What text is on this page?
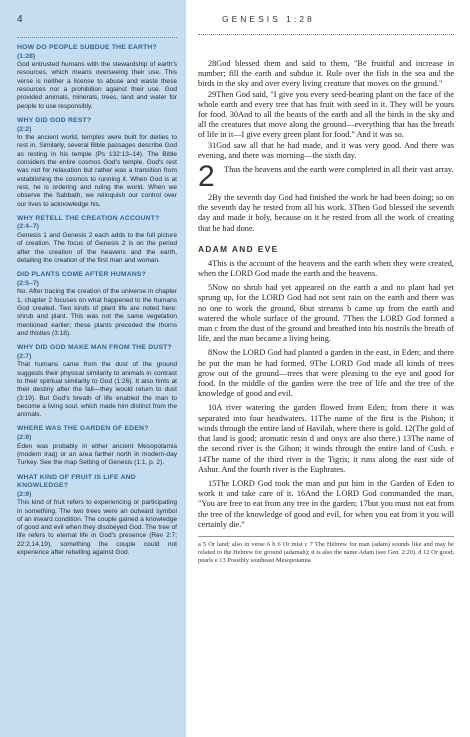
4
HOW DO PEOPLE SUBDUE THE EARTH?
(1:28)
God entrusted humans with the stewardship of earth's resources, which means overseeing their use. This verse is neither a license to abuse and waste these resources nor a prohibition against their use. God provided animals, minerals, trees, land and water for people to use responsibly.
WHY DID GOD REST?
(2:2)
In the ancient world, temples were built for deities to rest in. Similarly, several Bible passages describe God as resting in his temple (Ps 132:13–14). The Bible considers the entire cosmos God's temple. God's rest was not for relaxation but rather was a transition from establishing the cosmos to running it. When God is at rest, he is ordering and ruling the world. When we observe the Sabbath, we relinquish our control over our lives to acknowledge his.
WHY RETELL THE CREATION ACCOUNT?
(2:4–7)
Genesis 1 and Genesis 2 each adds to the full picture of creation. The focus of Genesis 2 is on the period after the creation of the heavens and the earth, detailing the creation of the first man and woman.
DID PLANTS COME AFTER HUMANS?
(2:5–7)
No. After tracing the creation of the universe in chapter 1, chapter 2 focuses on what happened to the humans God created. Two kinds of plant life are noted here: shrub and plant. This was not the same vegetation mentioned earlier; these plants preceded the thorns and thistles (3:18).
WHY DID GOD MAKE MAN FROM THE DUST?
(2:7)
That humans came from the dust of the ground suggests their physical similarity to animals in contrast to their spiritual similarity to God (1:26). It also hints at their destiny after the fall—they would return to dust (3:19). But God's breath of life enabled the man to become a living soul, which made him distinct from the animals.
WHERE WAS THE GARDEN OF EDEN?
(2:8)
Eden was probably in either ancient Mesopotamia (modern Iraq) or an area farther north in modern-day Turkey. See the map Setting of Genesis (1:1, p. 2).
WHAT KIND OF FRUIT IS LIFE AND KNOWLEDGE?
(2:9)
This kind of fruit refers to experiencing or participating in something. The two trees were an outward symbol of an inward condition. The couple gained a knowledge of good and evil when they disobeyed God. The tree of life refers to eternal life in God's presence (Rev 2:7; 22:2,14,19), something the couple could not experience after rebelling against God.
GENESIS 1:28

28God blessed them and said to them, "Be fruitful and increase in number; fill the earth and subdue it. Rule over the fish in the sea and the birds in the sky and over every living creature that moves on the ground."

29Then God said, "I give you every seed-bearing plant on the face of the whole earth and every tree that has fruit with seed in it. They will be yours for food. 30And to all the beasts of the earth and all the birds in the sky and all the creatures that move along the ground—everything that has the breath of life in it—I give every green plant for food." And it was so.

31God saw all that he had made, and it was very good. And there was evening, and there was morning—the sixth day.

2	Thus the heavens and the earth were completed in all their vast array.

2By the seventh day God had finished the work he had been doing; so on the seventh day he rested from all his work. 3Then God blessed the seventh day and made it holy, because on it he rested from all the work of creating that he had done.

ADAM AND EVE

4This is the account of the heavens and the earth when they were created, when the LORD God made the earth and the heavens.

5Now no shrub had yet appeared on the earth a and no plant had yet sprung up, for the LORD God had not sent rain on the earth and there was no one to work the ground, 6but streams b came up from the earth and watered the whole surface of the ground. 7Then the LORD God formed a man c from the dust of the ground and breathed into his nostrils the breath of life, and the man became a living being.

8Now the LORD God had planted a garden in the east, in Eden; and there he put the man he had formed. 9The LORD God made all kinds of trees grow out of the ground—trees that were pleasing to the eye and good for food. In the middle of the garden were the tree of life and the tree of the knowledge of good and evil.

10A river watering the garden flowed from Eden; from there it was separated into four headwaters. 11The name of the first is the Pishon; it winds through the entire land of Havilah, where there is gold. 12(The gold of that land is good; aromatic resin d and onyx are also there.) 13The name of the second river is the Gihon; it winds through the entire land of Cush. e 14The name of the third river is the Tigris; it runs along the east side of Ashur. And the fourth river is the Euphrates.

15The LORD God took the man and put him in the Garden of Eden to work it and take care of it. 16And the LORD God commanded the man, "You are free to eat from any tree in the garden; 17but you must not eat from the tree of the knowledge of good and evil, for when you eat from it you will certainly die."

a 5 Or land; also in verse 6 b 6 Or mist c 7 The Hebrew for man (adam) sounds like and may be related to the Hebrew for ground (adamah); it is also the name Adam (see Gen. 2:20). d 12 Or good; pearls e 13 Possibly southeast Mesopotamia
